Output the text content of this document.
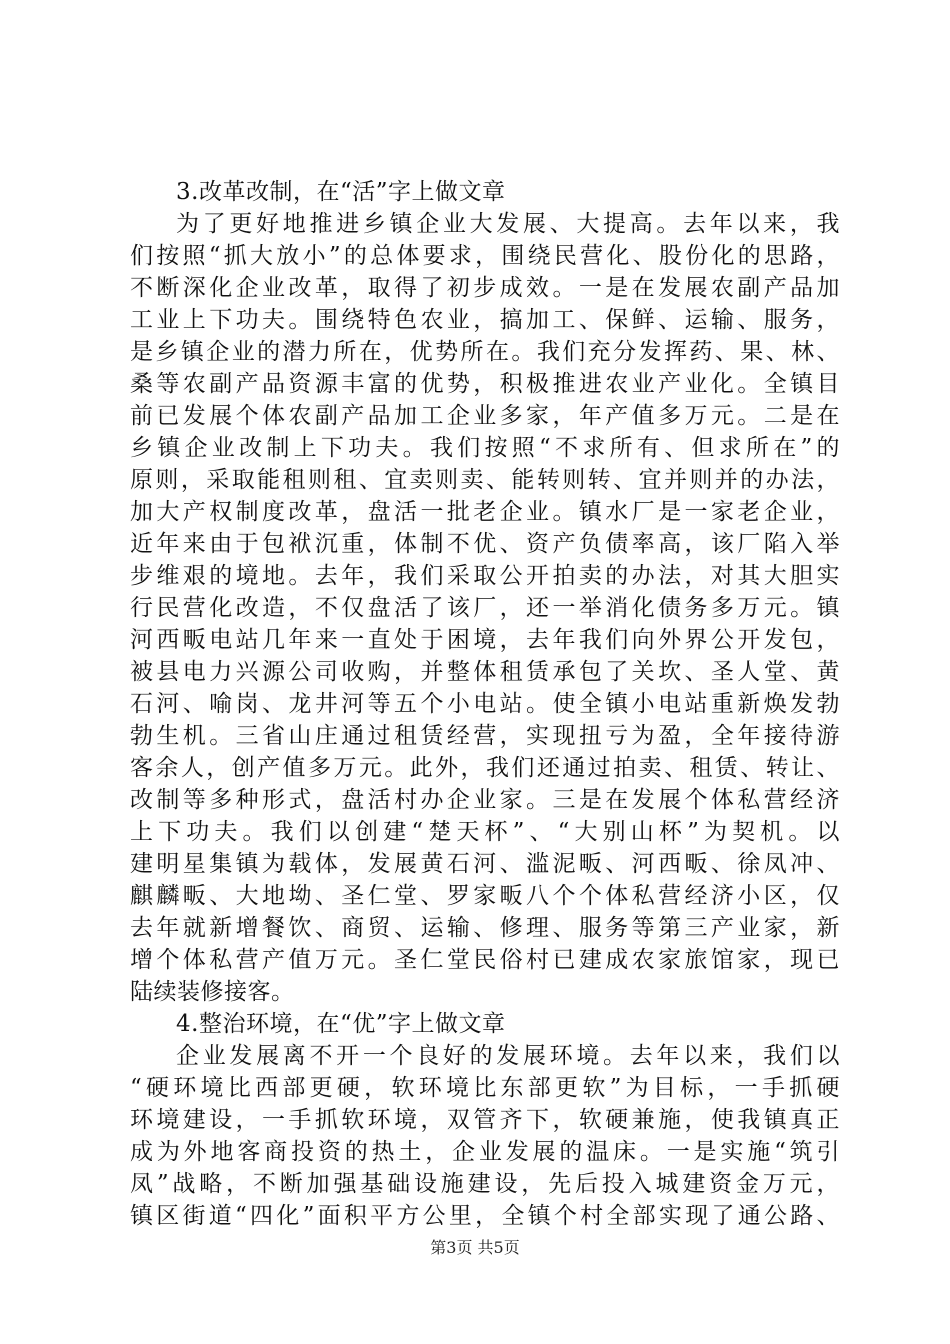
3.改革改制，在“活”字上做文章
为了更好地推进乡镇企业大发展、大提高。去年以来，我
们按照“抓大放小”的总体要求，围绕民营化、股份化的思路，
不断深化企业改革，取得了初步成效。一是在发展农副产品加
工业上下功夫。围绕特色农业，搞加工、保鲜、运输、服务，
是乡镇企业的潜力所在，优势所在。我们充分发挥药、果、林、
桑等农副产品资源丰富的优势，积极推进农业产业化。全镇目
前已发展个体农副产品加工企业多家，年产值多万元。二是在
乡镇企业改制上下功夫。我们按照“不求所有、但求所在”的
原则，采取能租则租、宜卖则卖、能转则转、宜并则并的办法，
加大产权制度改革，盘活一批老企业。镇水厂是一家老企业，
近年来由于包袱沉重，体制不优、资产负债率高，该厂陷入举
步维艰的境地。去年，我们采取公开拍卖的办法，对其大胆实
行民营化改造，不仅盘活了该厂，还一举消化债务多万元。镇
河西畈电站几年来一直处于困境，去年我们向外界公开发包，
被县电力兴源公司收购，并整体租赁承包了关坎、圣人堂、黄
石河、喻岗、龙井河等五个小电站。使全镇小电站重新焕发勃
勃生机。三省山庄通过租赁经营，实现扭亏为盈，全年接待游
客余人，创产值多万元。此外，我们还通过拍卖、租赁、转让、
改制等多种形式，盘活村办企业家。三是在发展个体私营经济
上下功夫。我们以创建“楚天杯”、“大别山杯”为契机。以
建明星集镇为载体，发展黄石河、滥泥畈、河西畈、徐凤冲、
麒麟畈、大地坳、圣仁堂、罗家畈八个个体私营经济小区，仅
去年就新增餐饮、商贸、运输、修理、服务等第三产业家，新
增个体私营产值万元。圣仁堂民俗村已建成农家旅馆家，现已
陆续装修接客。
4.整治环境，在“优”字上做文章
企业发展离不开一个良好的发展环境。去年以来，我们以
“硬环境比西部更硬，软环境比东部更软”为目标，一手抓硬
环境建设，一手抓软环境，双管齐下，软硬兼施，使我镇真正
成为外地客商投资的热土，企业发展的温床。一是实施“筑引
凤”战略，不断加强基础设施建设，先后投入城建资金万元，
镇区街道“四化”面积平方公里，全镇个村全部实现了通公路、
第3页 共5页
